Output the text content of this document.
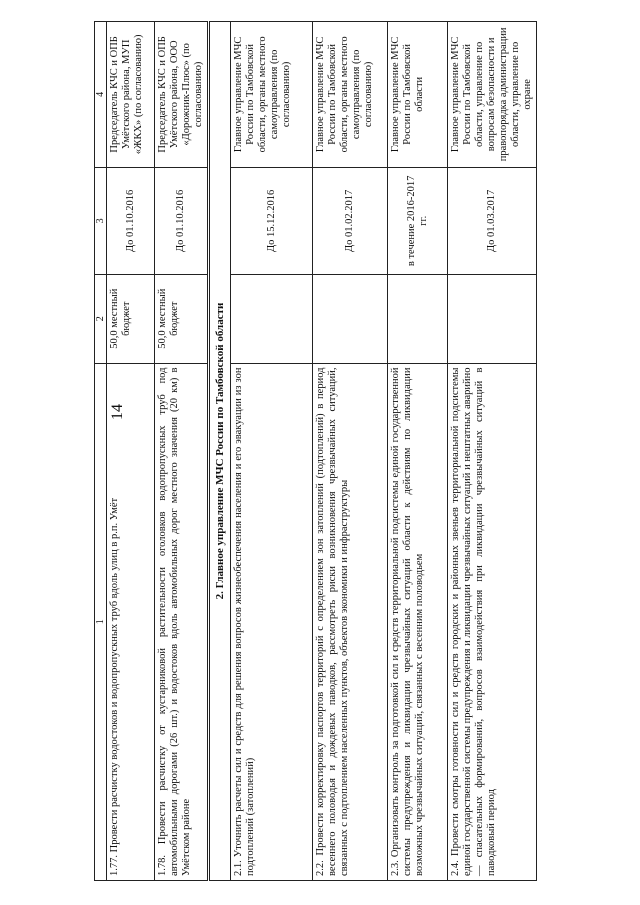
14
1	2	3	4
1.77. Провести расчистку водостоков и водопропускных труб вдоль улиц в р.п. Умёт	50,0 местный бюджет	До 01.10.2016	Председатель КЧС и ОПБ Умётского района, МУП «ЖКХ» (по согласованию)
1.78. Провести расчистку от кустарниковой растительности оголовков водопропускных труб под автомобильными дорогами (26 шт.) и водостоков вдоль автомобильных дорог местного значения (20 км) в Умётском районе	50,0 местный бюджет	До 01.10.2016	Председатель КЧС и ОПБ Умётского района, ООО «Дорожник-Плюс» (по согласованию)
2. Главное управление МЧС России по Тамбовской области			
2.1. Уточнить расчеты сил и средств для решения вопросов жизнеобеспечения населения и его эвакуации из зон подтоплений (затоплений)		До 15.12.2016	Главное управление МЧС России по Тамбовской области, органы местного самоуправления (по согласованию)
2.2. Провести корректировку паспортов территорий с определением зон затоплений (подтоплений) в период весеннего половодья и дождевых паводков, рассмотреть риски возникновения чрезвычайных ситуаций, связанных с подтоплением населенных пунктов, объектов экономики и инфраструктуры		До 01.02.2017	Главное управление МЧС России по Тамбовской области, органы местного самоуправления (по согласованию)
2.3. Организовать контроль за подготовкой сил и средств территориальной подсистемы единой государственной системы предупреждения и ликвидации чрезвычайных ситуаций области к действиям по ликвидации возможных чрезвычайных ситуаций, связанных с весенним половодьем		в течение 2016-2017 гг.	Главное управление МЧС России по Тамбовской области
2.4. Провести смотры готовности сил и средств городских и районных звеньев территориальной подсистемы единой государственной системы предупреждения и ликвидации чрезвычайных ситуаций и нештатных аварийно — спасательных формирований, вопросов взаимодействия при ликвидации чрезвычайных ситуаций в паводковый период		До 01.03.2017	Главное управление МЧС России по Тамбовской области, управление по вопросам безопасности и правопорядка администрации области, управление по охране
